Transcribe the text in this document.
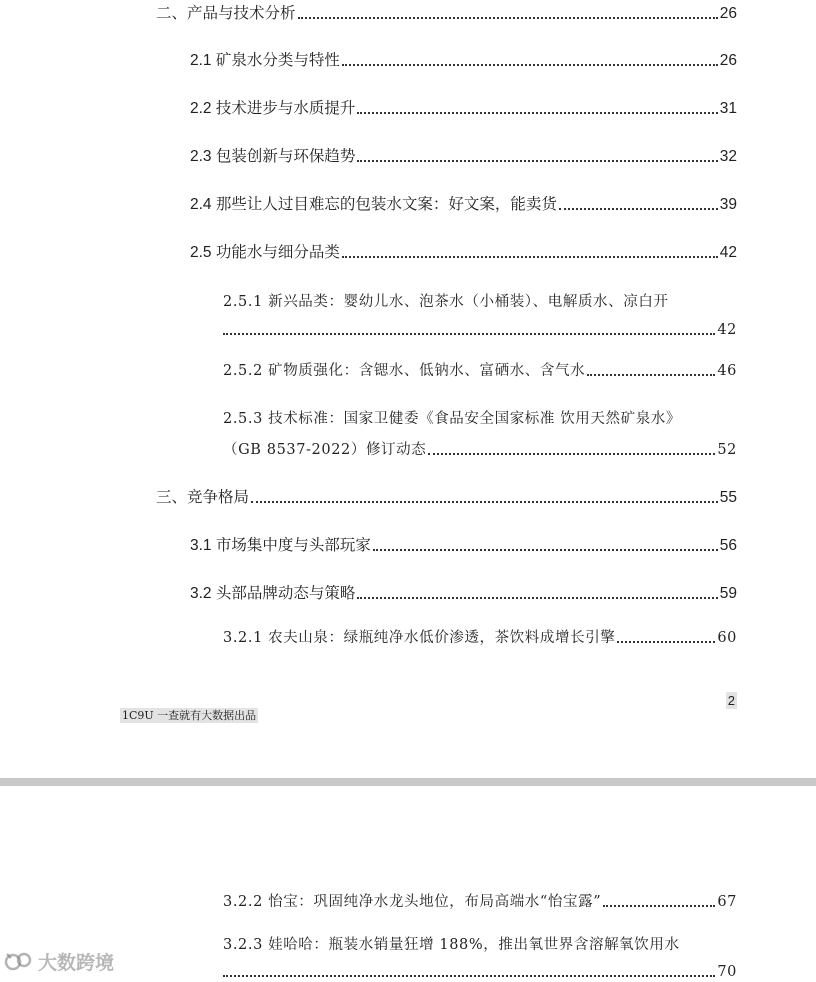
二、产品与技术分析	26
2.1 矿泉水分类与特性	26
2.2 技术进步与水质提升	31
2.3 包装创新与环保趋势	32
2.4 那些让人过目难忘的包装水文案：好文案，能卖货	39
2.5 功能水与细分品类	42
2.5.1 新兴品类：婴幼儿水、泡茶水（小桶装）、电解质水、凉白开
42
2.5.2 矿物质强化：含锶水、低钠水、富硒水、含气水	46
2.5.3 技术标准：国家卫健委《食品安全国家标准 饮用天然矿泉水》
（GB 8537-2022）修订动态	52
三、竞争格局	55
3.1 市场集中度与头部玩家	56
3.2 头部品牌动态与策略	59
3.2.1 农夫山泉：绿瓶纯净水低价渗透，茶饮料成增长引擎	60
2
1C9U 一查就有大数据出品
3.2.2 怡宝：巩固纯净水龙头地位，布局高端水“怡宝露”	67
3.2.3 娃哈哈：瓶装水销量狂增 188%，推出氧世界含溶解氧饮用水
70
大数跨境
